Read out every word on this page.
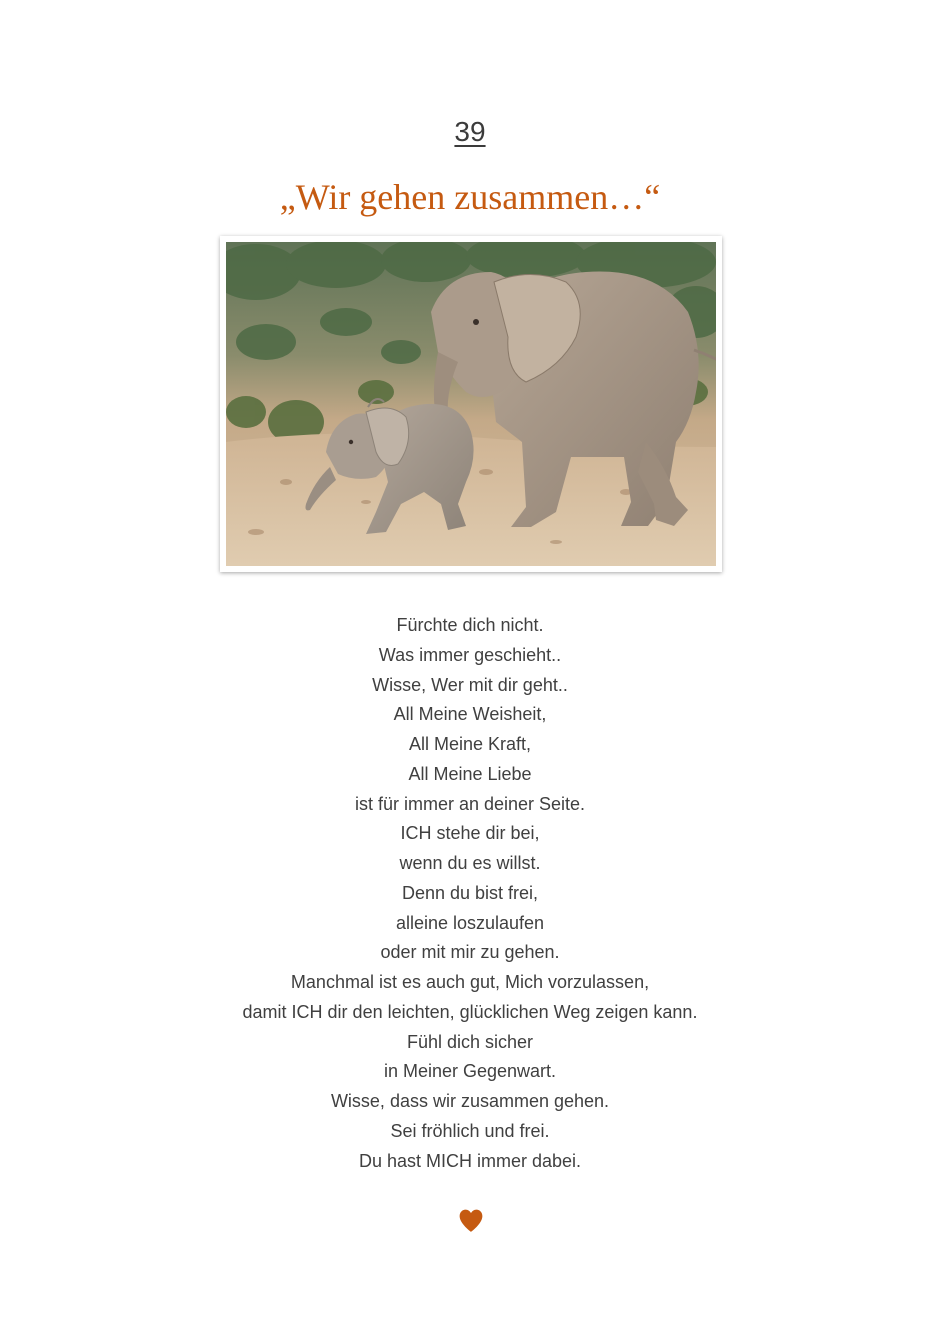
39
„Wir gehen zusammen…“
Fürchte dich nicht.
Was immer geschieht..
Wisse, Wer mit dir geht..
All Meine Weisheit,
All Meine Kraft,
All Meine Liebe
ist für immer an deiner Seite.
ICH stehe dir bei,
wenn du es willst.
Denn du bist frei,
alleine loszulaufen
oder mit mir zu gehen.
Manchmal ist es auch gut, Mich vorzulassen,
damit ICH dir den leichten, glücklichen Weg zeigen kann.
Fühl dich sicher
in Meiner Gegenwart.
Wisse, dass wir zusammen gehen.
Sei fröhlich und frei.
Du hast MICH immer dabei.
